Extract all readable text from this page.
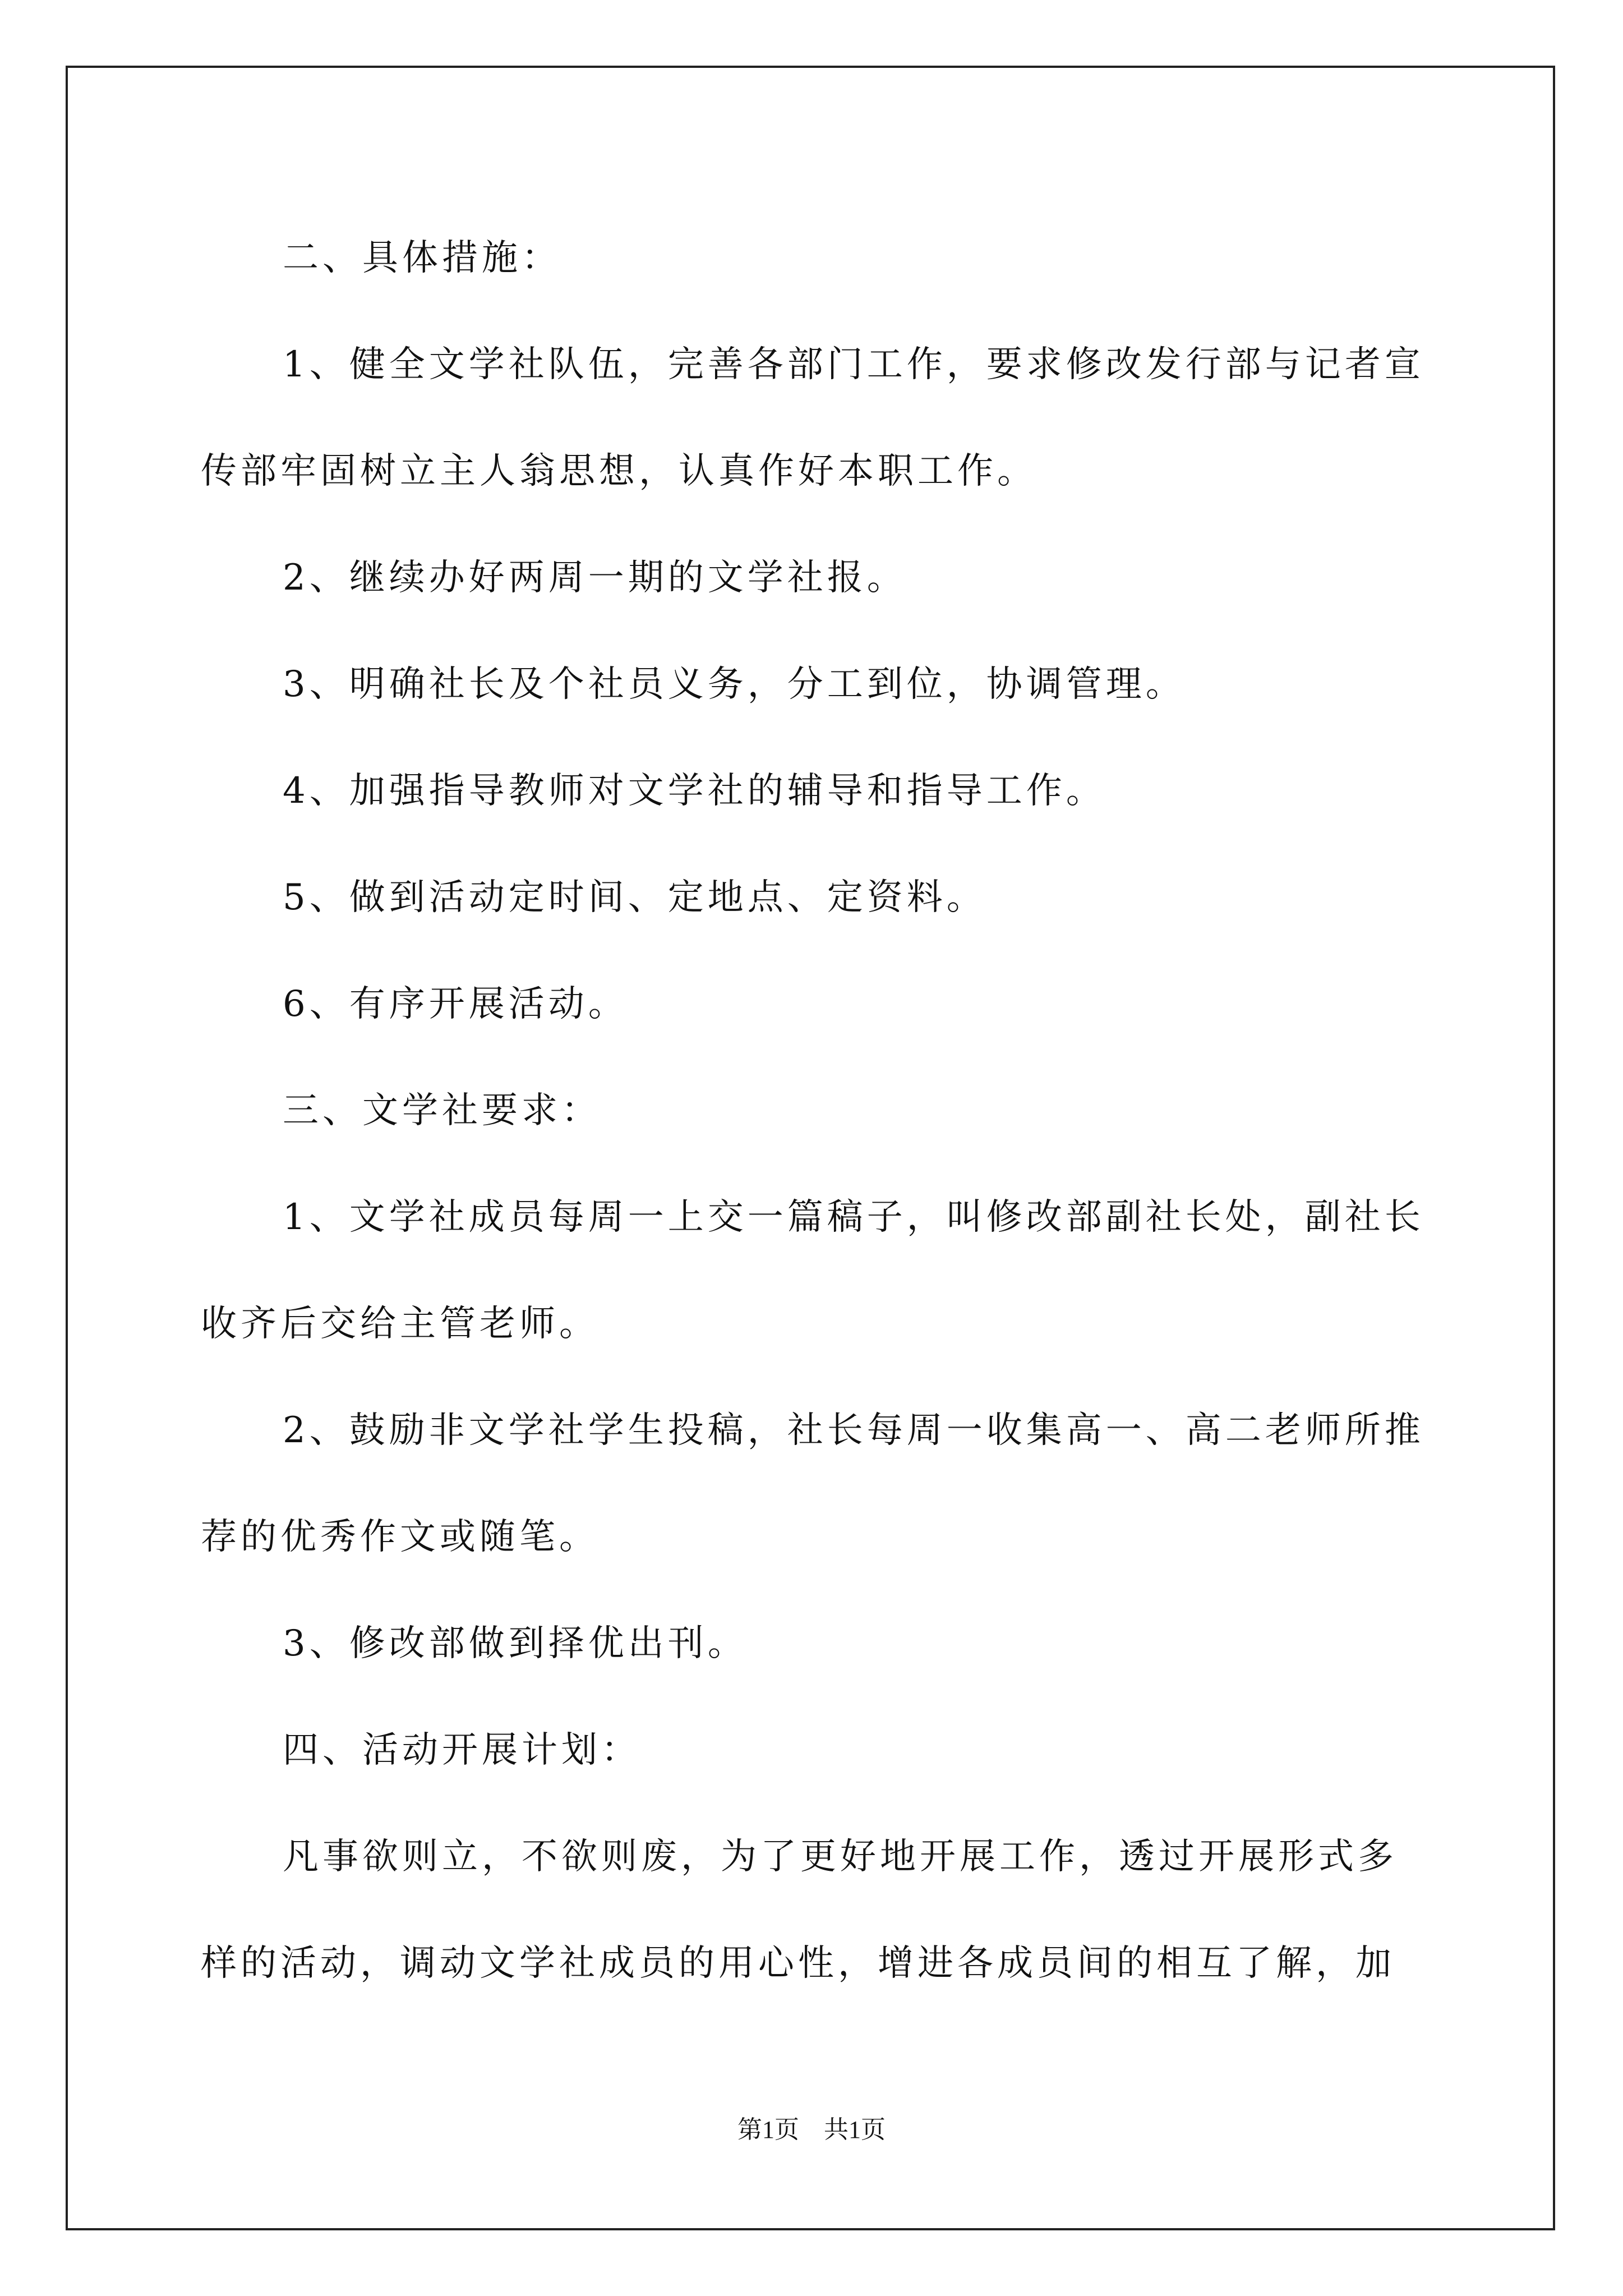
二、具体措施：

1、健全文学社队伍，完善各部门工作，要求修改发行部与记者宣传部牢固树立主人翁思想，认真作好本职工作。

2、继续办好两周一期的文学社报。

3、明确社长及个社员义务，分工到位，协调管理。

4、加强指导教师对文学社的辅导和指导工作。

5、做到活动定时间、定地点、定资料。

6、有序开展活动。

三、文学社要求：

1、文学社成员每周一上交一篇稿子，叫修改部副社长处，副社长收齐后交给主管老师。

2、鼓励非文学社学生投稿，社长每周一收集高一、高二老师所推荐的优秀作文或随笔。

3、修改部做到择优出刊。

四、活动开展计划：

凡事欲则立，不欲则废，为了更好地开展工作，透过开展形式多样的活动，调动文学社成员的用心性，增进各成员间的相互了解，加

第1页　共1页
